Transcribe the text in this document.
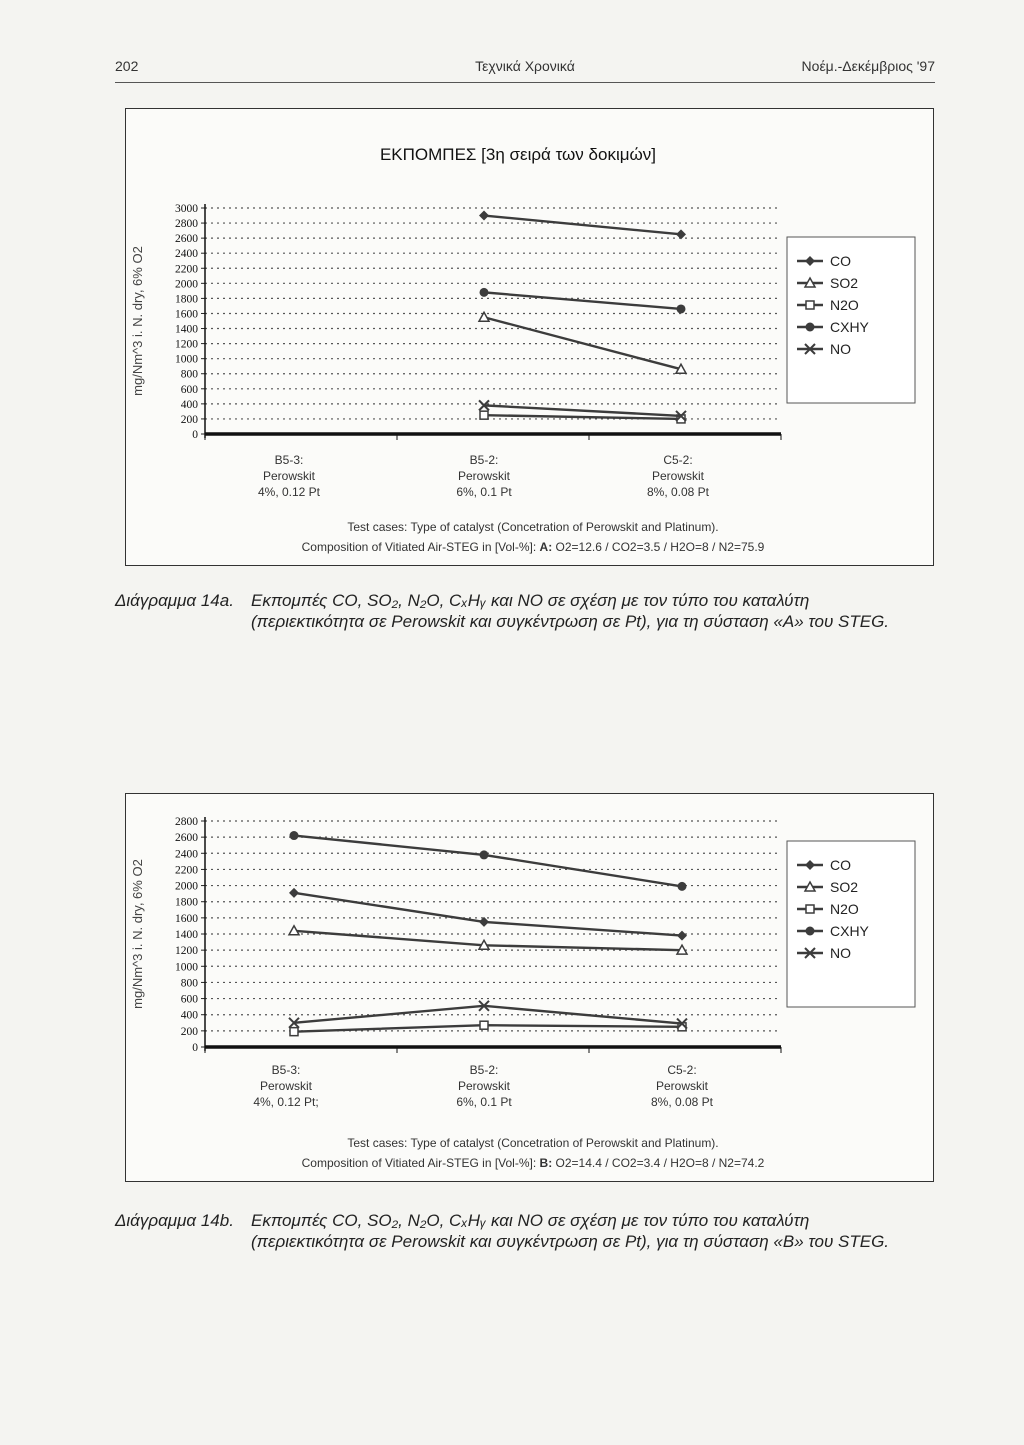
202	Τεχνικά Χρονικά	Νοέμ.-Δεκέμβριος '97
ΕΚΠΟΜΠΕΣ [3η σειρά των δοκιμών]
0
200
400
600
800
1000
1200
1400
1600
1800
2000
2200
2400
2600
2800
3000
mg/Nm^3 i. N. dry, 6% O2	CO
SO2
N2O
CXHY
NO
B5-3:
Perowskit
4%, 0.12 Pt
B5-2:
Perowskit
6%, 0.1 Pt
C5-2:
Perowskit
8%, 0.08 Pt
Test cases: Type of catalyst (Concetration of Perowskit and Platinum).
Composition of Vitiated Air-STEG in [Vol-%]: A: O2=12.6 / CO2=3.5 / H2O=8 / N2=75.9
Διάγραμμα 14a. Εκπομπές CO, SO₂, N₂O, CₓHᵧ και NO σε σχέση με τον τύπο του καταλύτη (περιεκτικότητα σε Perowskit και συγκέντρωση σε Pt), για τη σύσταση «A» του STEG.
0
200
400
600
800
1000
1200
1400
1600
1800
2000
2200
2400
2600
2800
mg/Nm^3 i. N. dry, 6% O2	CO
SO2
N2O
CXHY
NO
B5-3:
Perowskit
4%, 0.12 Pt;
B5-2:
Perowskit
6%, 0.1 Pt
C5-2:
Perowskit
8%, 0.08 Pt
Test cases: Type of catalyst (Concetration of Perowskit and Platinum).
Composition of Vitiated Air-STEG in [Vol-%]: B: O2=14.4 / CO2=3.4 / H2O=8 / N2=74.2
Διάγραμμα 14b. Εκπομπές CO, SO₂, N₂O, CₓHᵧ και NO σε σχέση με τον τύπο του καταλύτη (περιεκτικότητα σε Perowskit και συγκέντρωση σε Pt), για τη σύσταση «B» του STEG.
